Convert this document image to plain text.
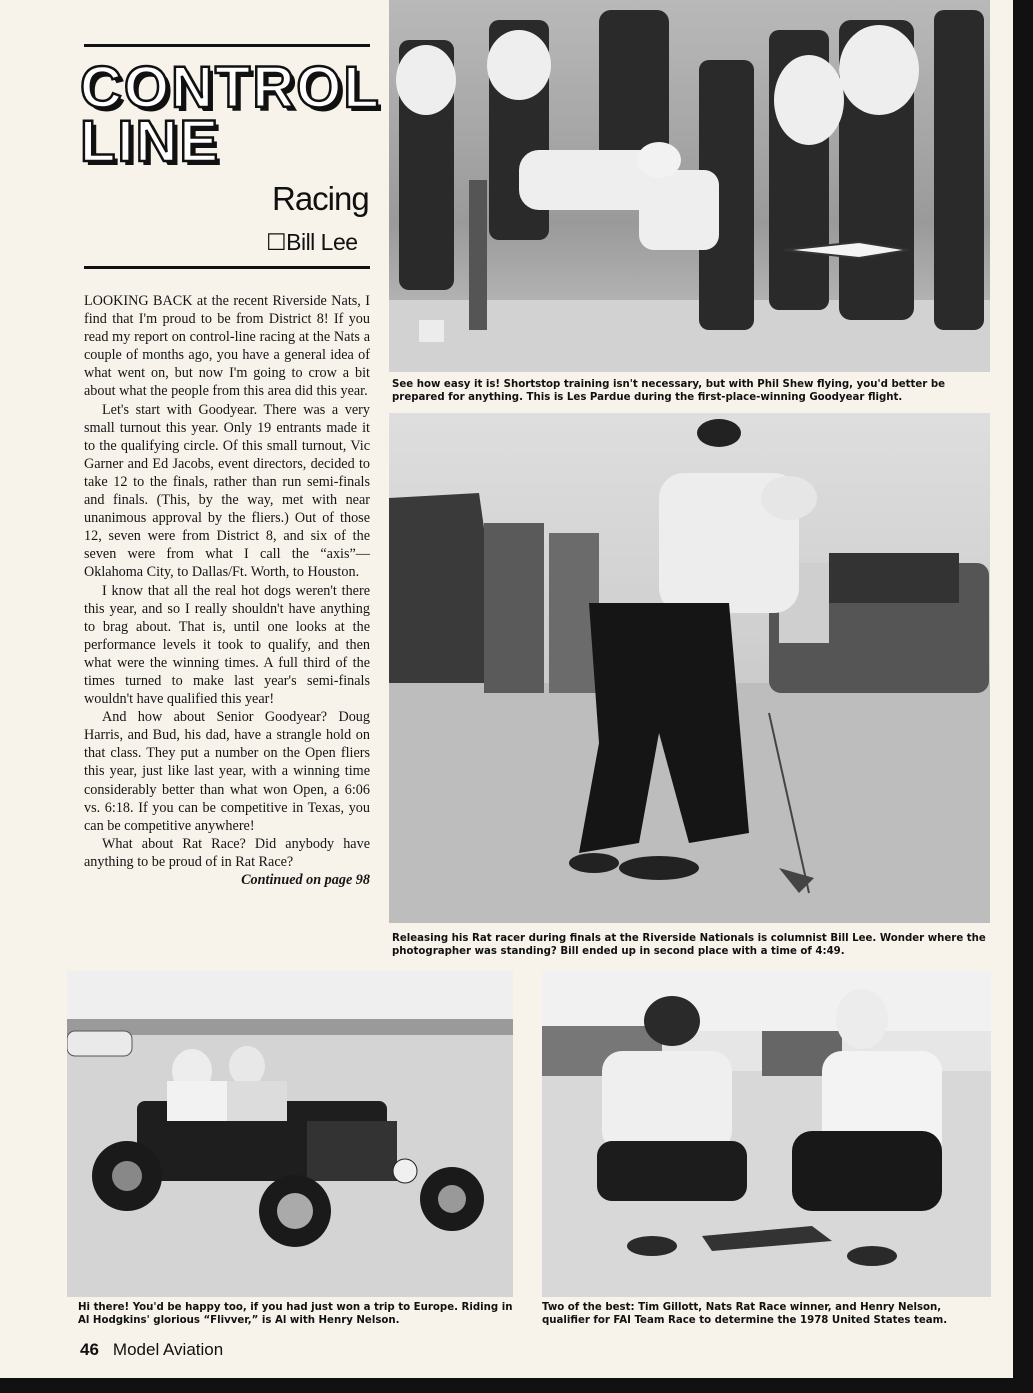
CONTROL
LINE
Racing
☐Bill Lee

LOOKING BACK at the recent Riverside Nats, I find that I'm proud to be from District 8! If you read my report on control-line racing at the Nats a couple of months ago, you have a general idea of what went on, but now I'm going to crow a bit about what the people from this area did this year.

Let's start with Goodyear. There was a very small turnout this year. Only 19 entrants made it to the qualifying circle. Of this small turnout, Vic Garner and Ed Jacobs, event directors, decided to take 12 to the finals, rather than run semi-finals and finals. (This, by the way, met with near unanimous approval by the fliers.) Out of those 12, seven were from District 8, and six of the seven were from what I call the “axis”—Oklahoma City, to Dallas/Ft. Worth, to Houston.

I know that all the real hot dogs weren't there this year, and so I really shouldn't have anything to brag about. That is, until one looks at the performance levels it took to qualify, and then what were the winning times. A full third of the times turned to make last year's semi-finals wouldn't have qualified this year!

And how about Senior Goodyear? Doug Harris, and Bud, his dad, have a strangle hold on that class. They put a number on the Open fliers this year, just like last year, with a winning time considerably better than what won Open, a 6:06 vs. 6:18. If you can be competitive in Texas, you can be competitive anywhere!

What about Rat Race? Did anybody have anything to be proud of in Rat Race?

Continued on page 98

See how easy it is! Shortstop training isn't necessary, but with Phil Shew flying, you'd better be prepared for anything. This is Les Pardue during the first-place-winning Goodyear flight.
Releasing his Rat racer during finals at the Riverside Nationals is columnist Bill Lee. Wonder where the photographer was standing? Bill ended up in second place with a time of 4:49.
Hi there! You'd be happy too, if you had just won a trip to Europe. Riding in Al Hodgkins' glorious “Flivver,” is Al with Henry Nelson.
Two of the best: Tim Gillott, Nats Rat Race winner, and Henry Nelson, qualifier for FAI Team Race to determine the 1978 United States team.
46 Model Aviation
